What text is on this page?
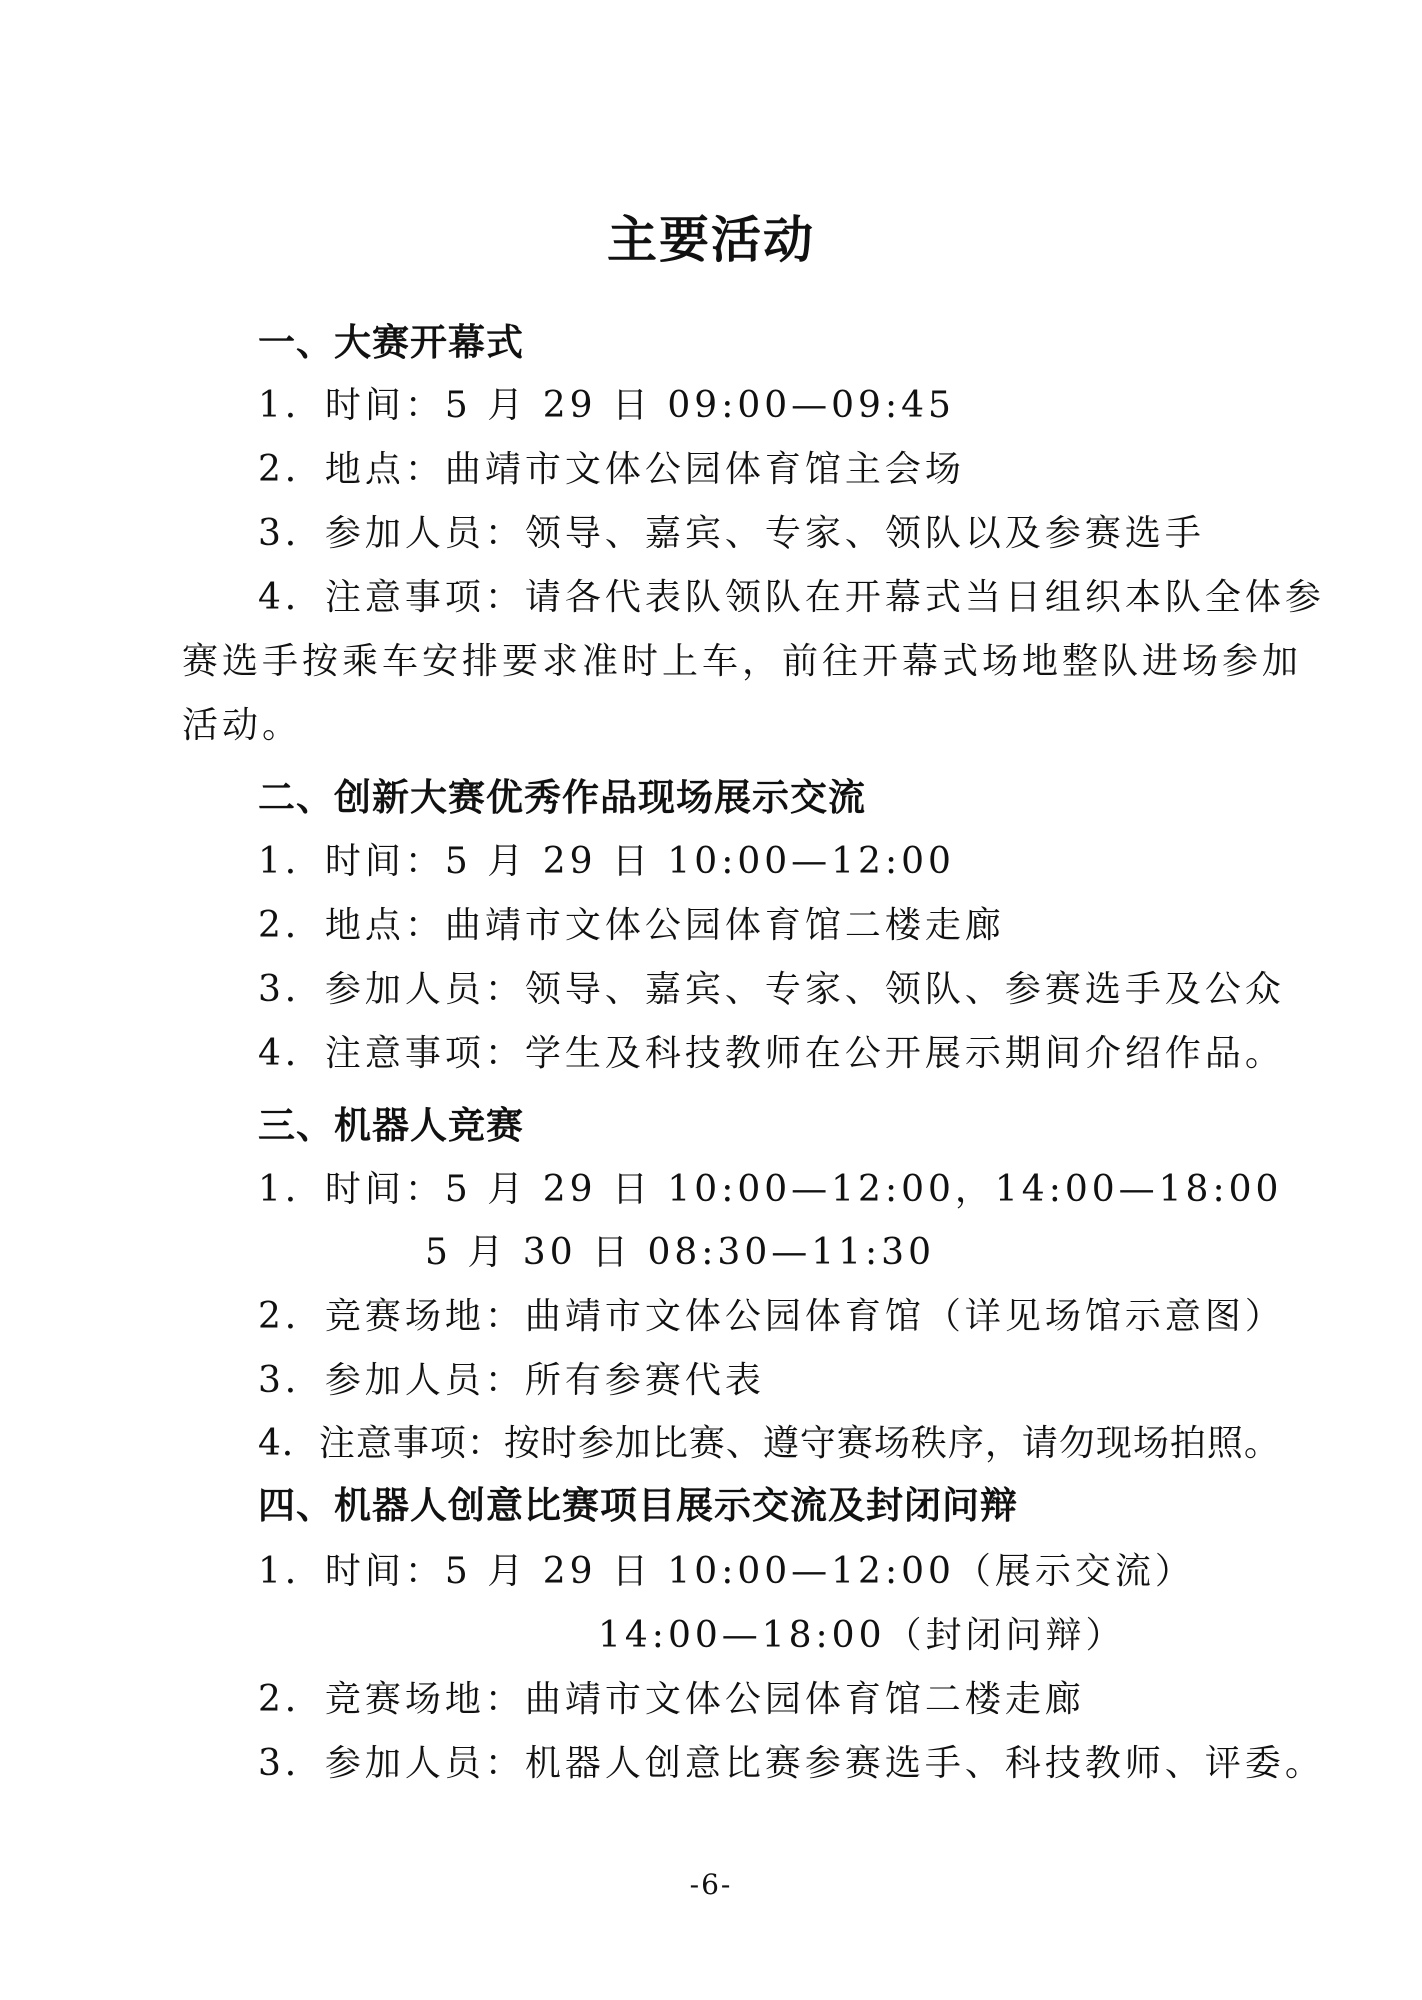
主要活动
一、大赛开幕式

1．时间：5 月 29 日 09:00—09:45

2．地点：曲靖市文体公园体育馆主会场

3．参加人员：领导、嘉宾、专家、领队以及参赛选手

4．注意事项：请各代表队领队在开幕式当日组织本队全体参

赛选手按乘车安排要求准时上车，前往开幕式场地整队进场参加

活动。

二、创新大赛优秀作品现场展示交流

1．时间：5 月 29 日 10:00—12:00

2．地点：曲靖市文体公园体育馆二楼走廊

3．参加人员：领导、嘉宾、专家、领队、参赛选手及公众

4．注意事项：学生及科技教师在公开展示期间介绍作品。

三、机器人竞赛

1．时间：5 月 29 日 10:00—12:00，14:00—18:00

5 月 30 日 08:30—11:30

2．竞赛场地：曲靖市文体公园体育馆（详见场馆示意图）

3．参加人员：所有参赛代表

4．注意事项：按时参加比赛、遵守赛场秩序，请勿现场拍照。

四、机器人创意比赛项目展示交流及封闭问辩

1．时间：5 月 29 日 10:00—12:00（展示交流）

14:00—18:00（封闭问辩）

2．竞赛场地：曲靖市文体公园体育馆二楼走廊

3．参加人员：机器人创意比赛参赛选手、科技教师、评委。

-6-
